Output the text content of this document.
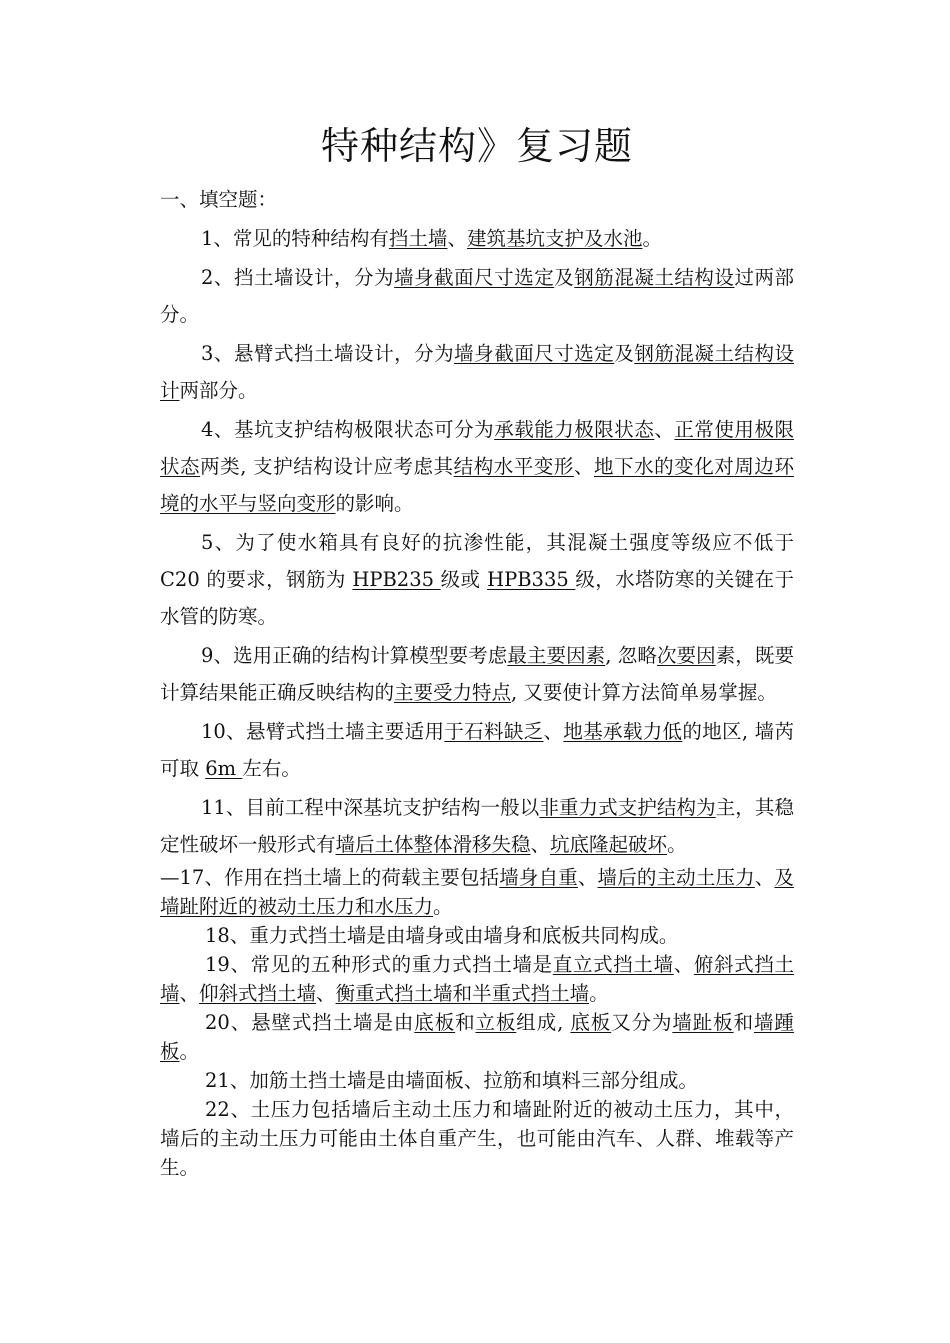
特种结构》复习题

一、填空题：

1、常见的特种结构有挡土墙、建筑基坑支护及水池。

2、挡土墙设计，分为墙身截面尺寸选定及钢筋混凝土结构设过两部分。

3、悬臂式挡土墙设计，分为墙身截面尺寸选定及钢筋混凝土结构设计两部分。

4、基坑支护结构极限状态可分为承载能力极限状态、正常使用极限状态两类, 支护结构设计应考虑其结构水平变形、地下水的变化对周边环境的水平与竖向变形的影响。

5、为了使水箱具有良好的抗渗性能，其混凝土强度等级应不低于 C20 的要求，钢筋为 HPB235 级或 HPB335 级，水塔防寒的关键在于水管的防寒。

9、选用正确的结构计算模型要考虑最主要因素, 忽略次要因素，既要计算结果能正确反映结构的主要受力特点, 又要使计算方法简单易掌握。

10、悬臂式挡土墙主要适用于石料缺乏、地基承载力低的地区, 墙芮可取 6m 左右。

11、目前工程中深基坑支护结构一般以非重力式支护结构为主，其稳定性破坏一般形式有墙后土体整体滑移失稳、坑底隆起破坏。

—17、作用在挡土墙上的荷载主要包括墙身自重、墙后的主动土压力、及墙趾附近的被动土压力和水压力。

18、重力式挡土墙是由墙身或由墙身和底板共同构成。

19、常见的五种形式的重力式挡土墙是直立式挡土墙、俯斜式挡土墙、仰斜式挡土墙、衡重式挡土墙和半重式挡土墙。

20、悬壁式挡土墙是由底板和立板组成, 底板又分为墙趾板和墙踵板。

21、加筋土挡土墙是由墙面板、拉筋和填料三部分组成。

22、土压力包括墙后主动土压力和墙趾附近的被动土压力，其中，墙后的主动土压力可能由土体自重产生，也可能由汽车、人群、堆载等产生。
